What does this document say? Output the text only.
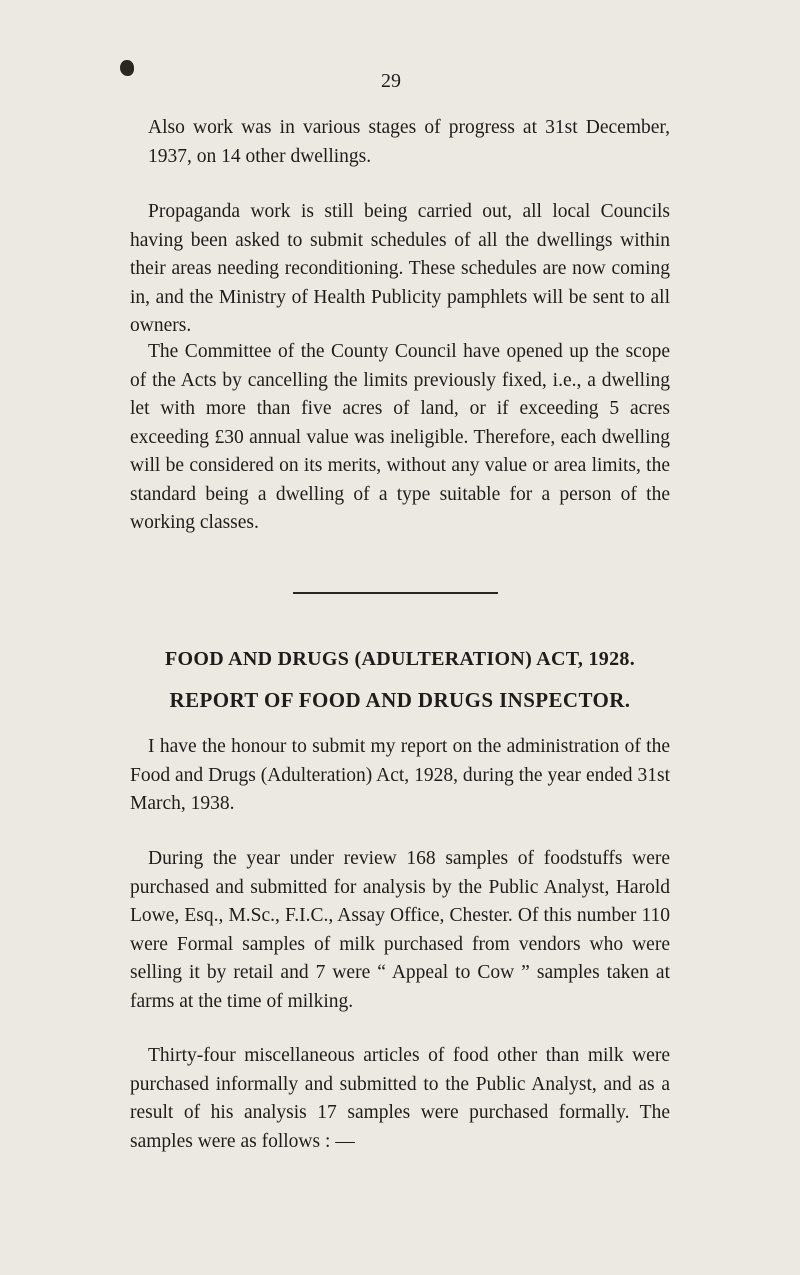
29

Also work was in various stages of progress at 31st December, 1937, on 14 other dwellings.

Propaganda work is still being carried out, all local Councils having been asked to submit schedules of all the dwellings within their areas needing reconditioning. These schedules are now coming in, and the Ministry of Health Publicity pamphlets will be sent to all owners.

The Committee of the County Council have opened up the scope of the Acts by cancelling the limits previously fixed, i.e., a dwelling let with more than five acres of land, or if exceeding 5 acres exceeding £30 annual value was ineligible. Therefore, each dwelling will be considered on its merits, without any value or area limits, the standard being a dwelling of a type suitable for a person of the working classes.

FOOD AND DRUGS (ADULTERATION) ACT, 1928.
REPORT OF FOOD AND DRUGS INSPECTOR.

I have the honour to submit my report on the administration of the Food and Drugs (Adulteration) Act, 1928, during the year ended 31st March, 1938.

During the year under review 168 samples of foodstuffs were purchased and submitted for analysis by the Public Analyst, Harold Lowe, Esq., M.Sc., F.I.C., Assay Office, Chester. Of this number 110 were Formal samples of milk purchased from vendors who were selling it by retail and 7 were “ Appeal to Cow ” samples taken at farms at the time of milking.

Thirty-four miscellaneous articles of food other than milk were purchased informally and submitted to the Public Analyst, and as a result of his analysis 17 samples were purchased formally. The samples were as follows : —
